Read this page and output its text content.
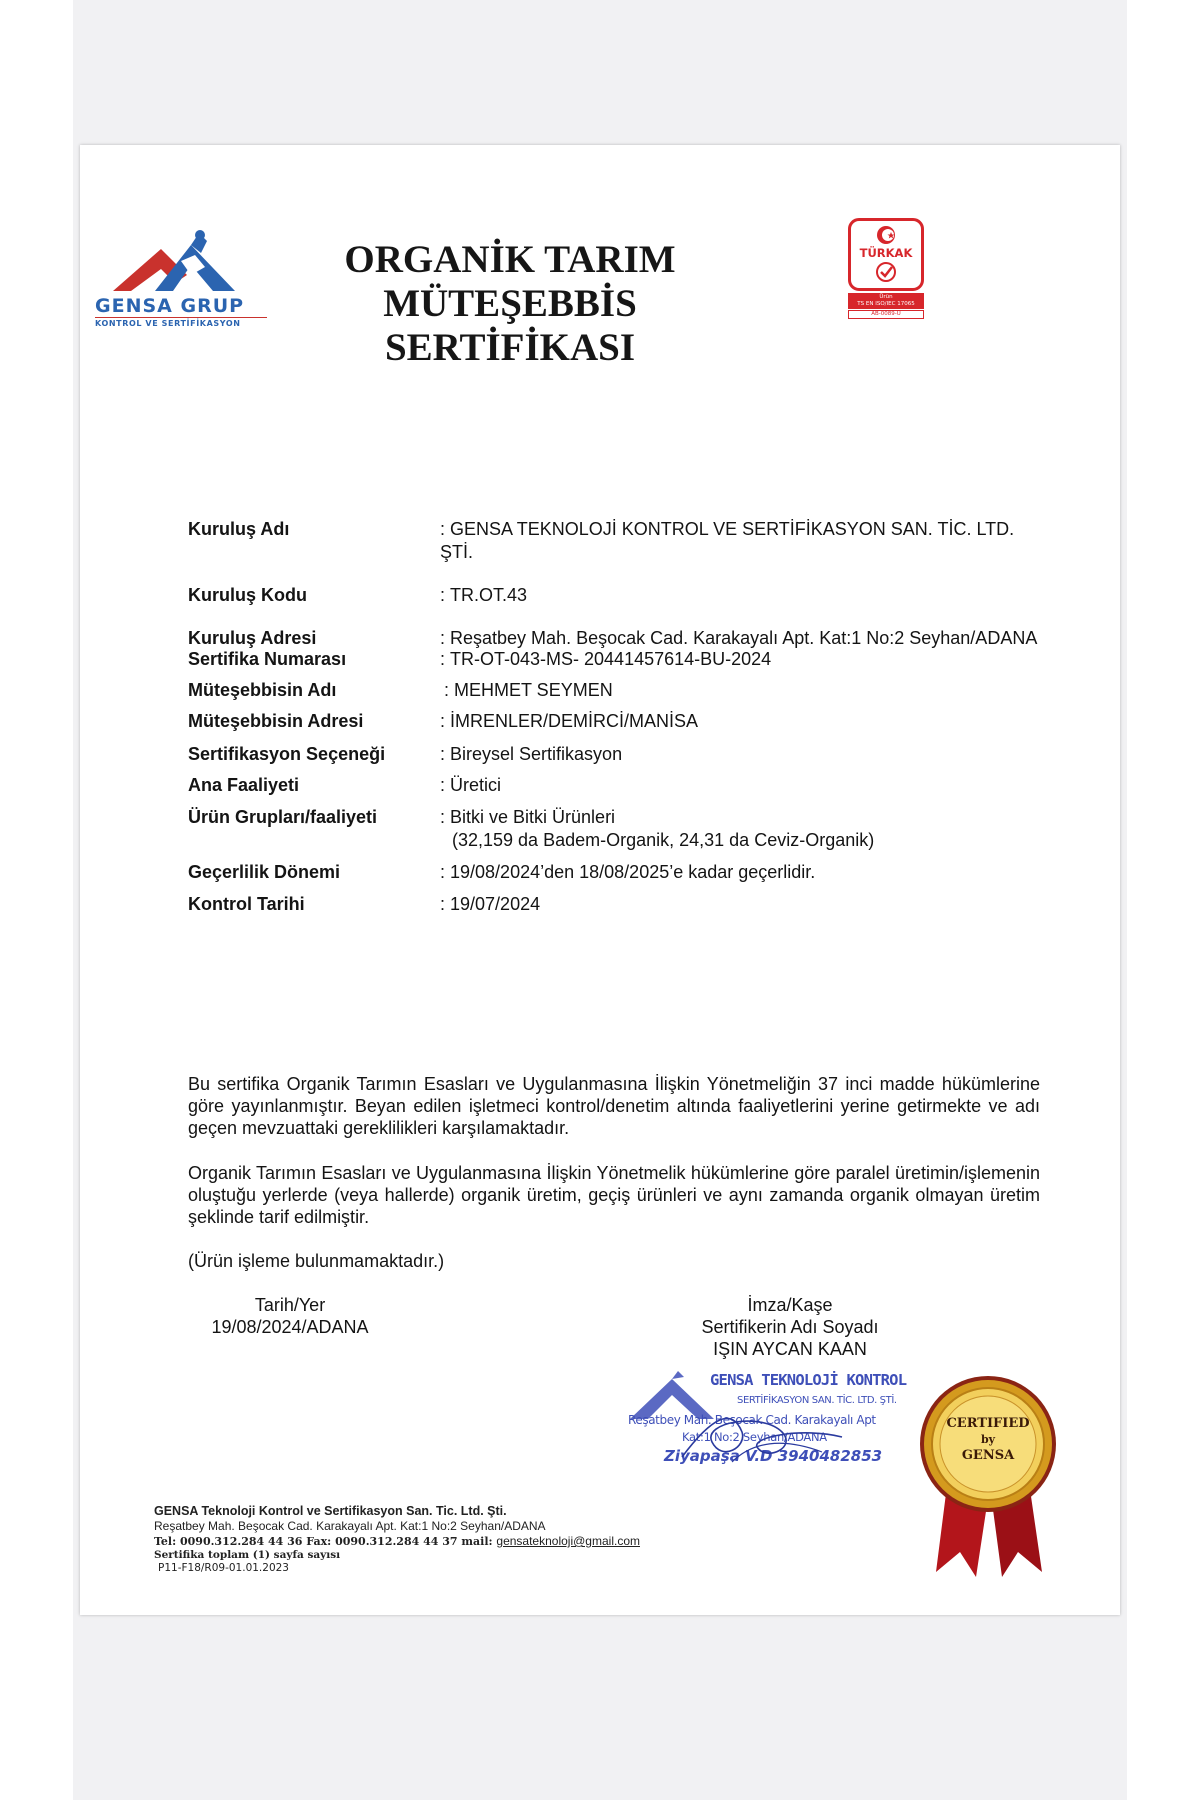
GENSA GRUP
KONTROL VE SERTİFİKASYON
ORGANİK TARIM
MÜTEŞEBBİS SERTİFİKASI
TÜRKAK
Ürün
TS EN ISO/IEC 17065
AB-0089-Ü
Kuruluş Adı	: GENSA TEKNOLOJİ KONTROL VE SERTİFİKASYON SAN. TİC. LTD. ŞTİ.
Kuruluş Kodu	: TR.OT.43
Kuruluş Adresi	: Reşatbey Mah. Beşocak Cad. Karakayalı Apt. Kat:1 No:2 Seyhan/ADANA
Sertifika Numarası	: TR-OT-043-MS- 20441457614-BU-2024
Müteşebbisin Adı	: MEHMET SEYMEN
Müteşebbisin Adresi	: İMRENLER/DEMİRCİ/MANİSA
Sertifikasyon Seçeneği	: Bireysel Sertifikasyon
Ana Faaliyeti	: Üretici
Ürün Grupları/faaliyeti	: Bitki ve Bitki Ürünleri
(32,159 da Badem-Organik, 24,31 da Ceviz-Organik)
Geçerlilik Dönemi	: 19/08/2024’den 18/08/2025’e kadar geçerlidir.
Kontrol Tarihi	: 19/07/2024
Bu sertifika Organik Tarımın Esasları ve Uygulanmasına İlişkin Yönetmeliğin 37 inci madde hükümlerine göre yayınlanmıştır. Beyan edilen işletmeci kontrol/denetim altında faaliyetlerini yerine getirmekte ve adı geçen mevzuattaki gereklilikleri karşılamaktadır.
Organik Tarımın Esasları ve Uygulanmasına İlişkin Yönetmelik hükümlerine göre paralel üretimin/işlemenin oluştuğu yerlerde (veya hallerde) organik üretim, geçiş ürünleri ve aynı zamanda organik olmayan üretim şeklinde tarif edilmiştir.
(Ürün işleme bulunmamaktadır.)
Tarih/Yer
19/08/2024/ADANA
İmza/Kaşe
Sertifikerin Adı Soyadı
IŞIN AYCAN KAAN
GENSA TEKNOLOJİ KONTROL
SERTİFİKASYON SAN. TİC. LTD. ŞTİ.
Reşatbey Mah. Beşocak Cad. Karakayalı Apt
Kat:1 No:2 Seyhan/ADANA
Ziyapaşa V.D 3940482853
CERTIFIED
by
GENSA
GENSA Teknoloji Kontrol ve Sertifikasyon San. Tic. Ltd. Şti.
Reşatbey Mah. Beşocak Cad. Karakayalı Apt. Kat:1 No:2 Seyhan/ADANA
Tel: 0090.312.284 44 36 Fax: 0090.312.284 44 37 mail: gensateknoloji@gmail.com
Sertifika toplam (1) sayfa sayısı
P11-F18/R09-01.01.2023
